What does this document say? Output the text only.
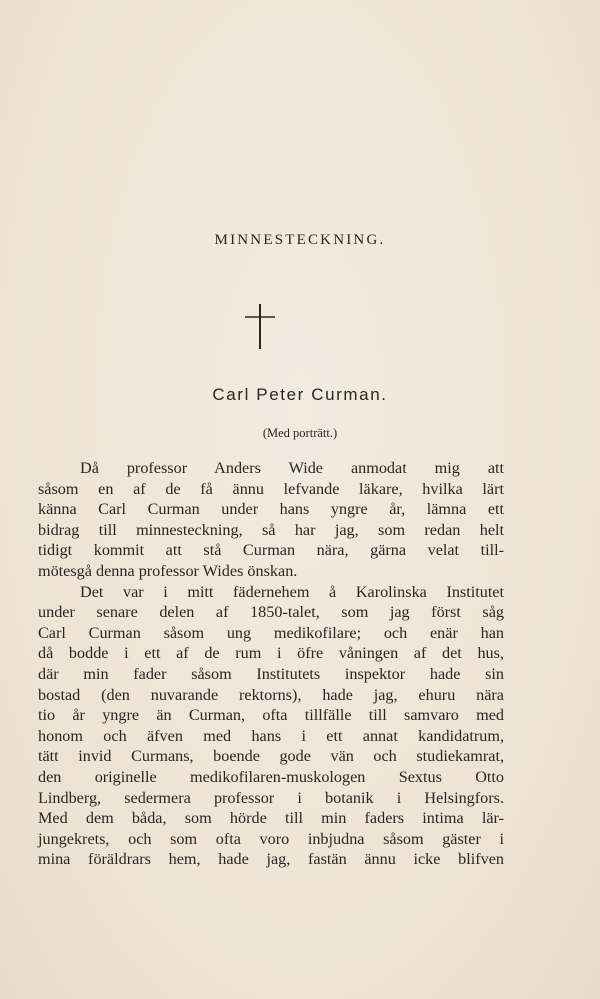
MINNESTECKNING.
Carl Peter Curman.
(Med porträtt.)
Då professor Anders Wide anmodat mig att
såsom en af de få ännu lefvande läkare, hvilka lärt
känna Carl Curman under hans yngre år, lämna ett
bidrag till minnesteckning, så har jag, som redan helt
tidigt kommit att stå Curman nära, gärna velat till-
mötesgå denna professor Wides önskan.
Det var i mitt fädernehem å Karolinska Institutet
under senare delen af 1850-talet, som jag först såg
Carl Curman såsom ung medikofilare; och enär han
då bodde i ett af de rum i öfre våningen af det hus,
där min fader såsom Institutets inspektor hade sin
bostad (den nuvarande rektorns), hade jag, ehuru nära
tio år yngre än Curman, ofta tillfälle till samvaro med
honom och äfven med hans i ett annat kandidatrum,
tätt invid Curmans, boende gode vän och studiekamrat,
den originelle medikofilaren-muskologen Sextus Otto
Lindberg, sedermera professor i botanik i Helsingfors.
Med dem båda, som hörde till min faders intima lär-
jungekrets, och som ofta voro inbjudna såsom gäster i
mina föräldrars hem, hade jag, fastän ännu icke blifven
